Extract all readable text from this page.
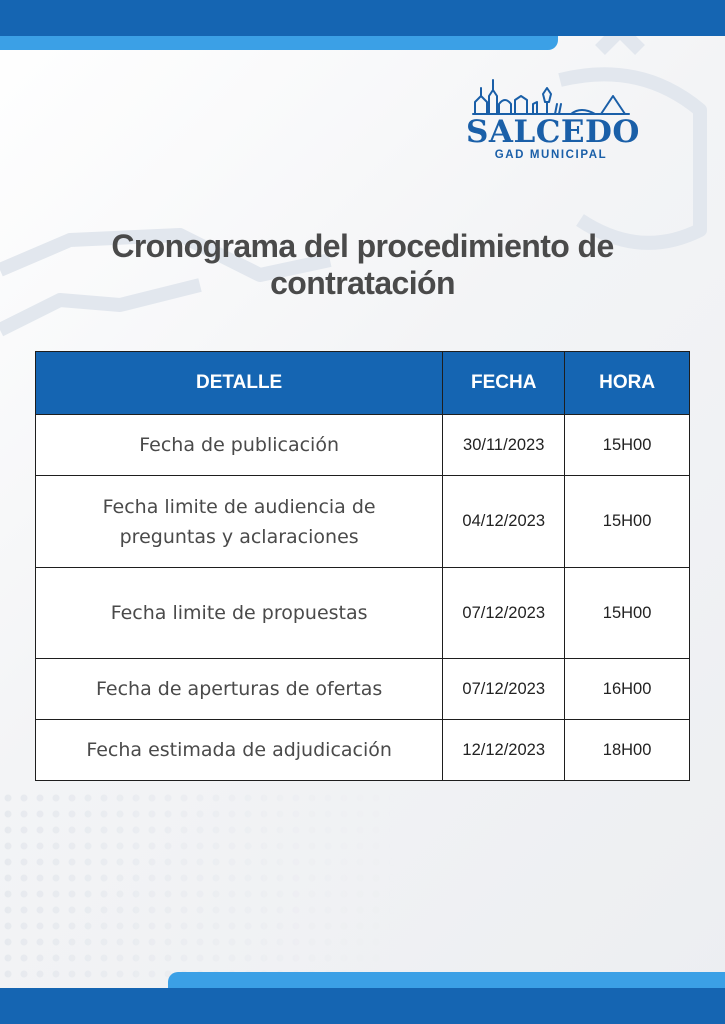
SALCEDO
GAD MUNICIPAL
Cronograma del procedimiento de contratación
DETALLE	FECHA	HORA
Fecha de publicación	30/11/2023	15H00
Fecha limite de audiencia de preguntas y aclaraciones	04/12/2023	15H00
Fecha limite de propuestas	07/12/2023	15H00
Fecha de aperturas de ofertas	07/12/2023	16H00
Fecha estimada de adjudicación	12/12/2023	18H00
